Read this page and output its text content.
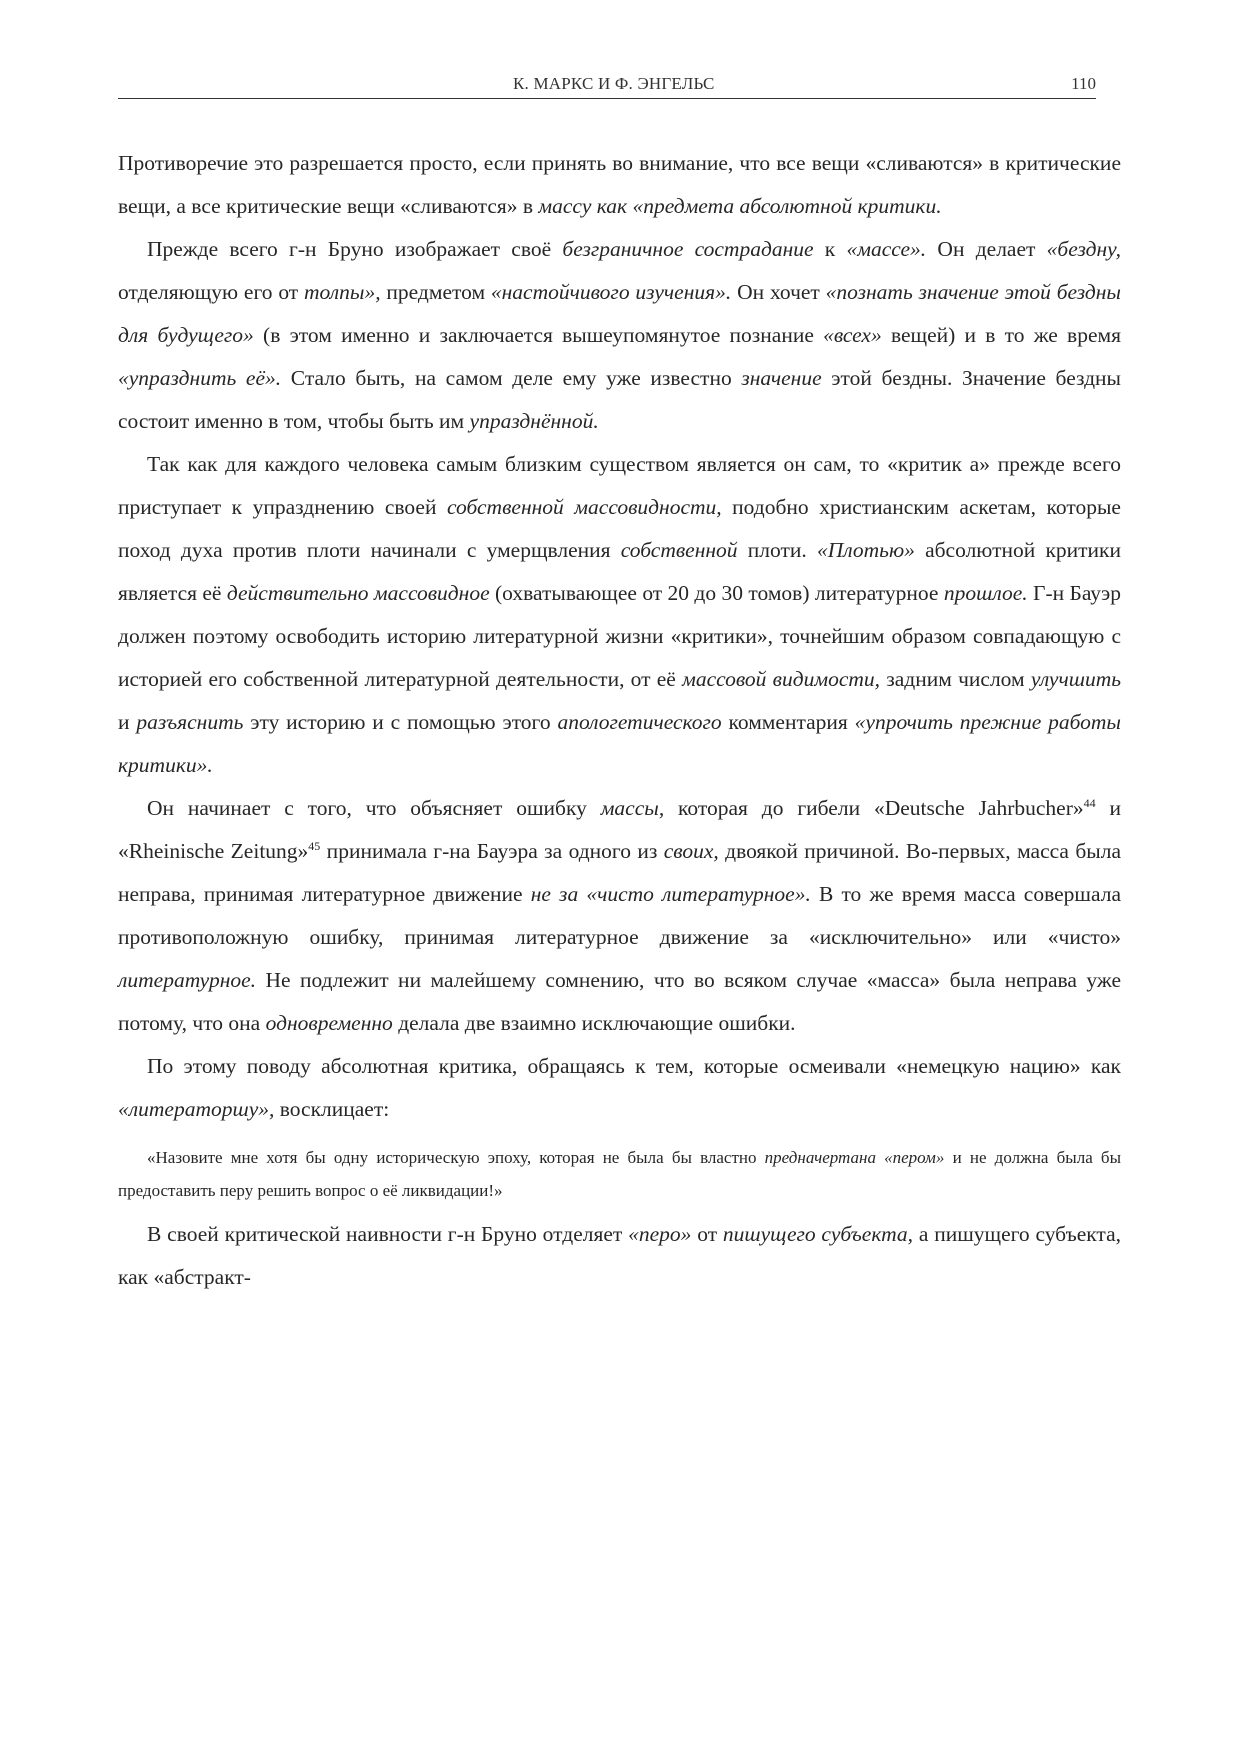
К. МАРКС И Ф. ЭНГЕЛЬС	110

Противоречие это разрешается просто, если принять во внимание, что все вещи «сливаются» в критические вещи, а все критические вещи «сливаются» в массу как «предмета абсолютной критики.

Прежде всего г-н Бруно изображает своё безграничное сострадание к «массе». Он делает «бездну, отделяющую его от толпы», предметом «настойчивого изучения». Он хочет «познать значение этой бездны для будущего» (в этом именно и заключается вышеупомянутое познание «всех» вещей) и в то же время «упразднить её». Стало быть, на самом деле ему уже известно значение этой бездны. Значение бездны состоит именно в том, чтобы быть им упразднённой.

Так как для каждого человека самым близким существом является он сам, то «критик а» прежде всего приступает к упразднению своей собственной массовидности, подобно христианским аскетам, которые поход духа против плоти начинали с умерщвления собственной плоти. «Плотью» абсолютной критики является её действительно массовидное (охватывающее от 20 до 30 томов) литературное прошлое. Г-н Бауэр должен поэтому освободить историю литературной жизни «критики», точнейшим образом совпадающую с историей его собственной литературной деятельности, от её массовой видимости, задним числом улучшить и разъяснить эту историю и с помощью этого апологетического комментария «упрочить прежние работы критики».

Он начинает с того, что объясняет ошибку массы, которая до гибели «Deutsche Jahrbucher»$^{44}$ и «Rheinische Zeitung»$^{45}$ принимала г-на Бауэра за одного из своих, двоякой причиной. Во-первых, масса была неправа, принимая литературное движение не за «чисто литературное». В то же время масса совершала противоположную ошибку, принимая литературное движение за «исключительно» или «чисто» литературное. Не подлежит ни малейшему сомнению, что во всяком случае «масса» была неправа уже потому, что она одновременно делала две взаимно исключающие ошибки.

По этому поводу абсолютная критика, обращаясь к тем, которые осмеивали «немецкую нацию» как «литераторшу», восклицает:

«Назовите мне хотя бы одну историческую эпоху, которая не была бы властно предначертана «пером» и не должна была бы предоставить перу решить вопрос о её ликвидации!»

В своей критической наивности г-н Бруно отделяет «перо» от пишущего субъекта, а пишущего субъекта, как «абстракт-
